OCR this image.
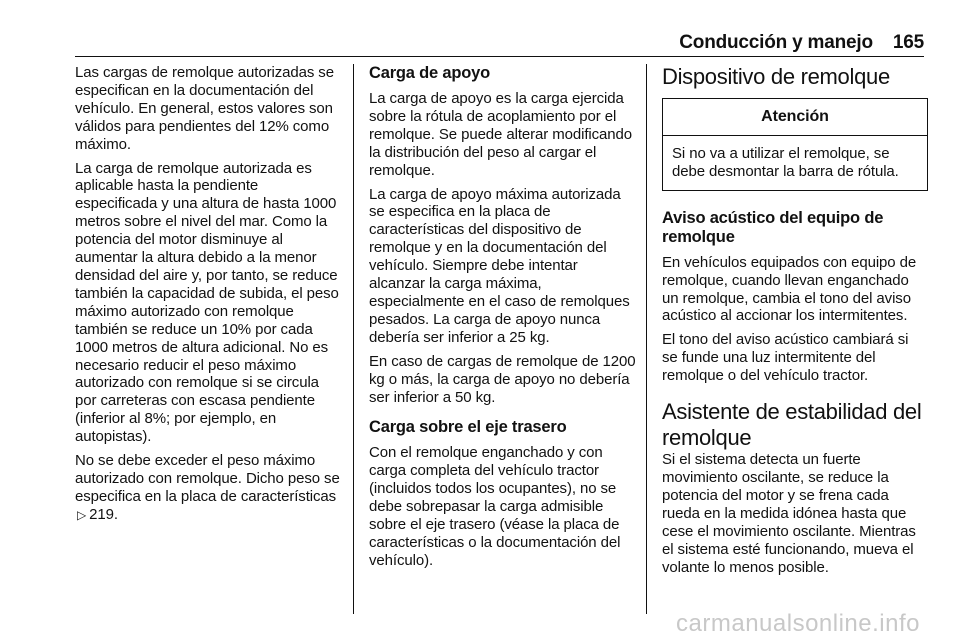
Conducción y manejo 165

Las cargas de remolque autorizadas se especifican en la documentación del vehículo. En general, estos valores son válidos para pendientes del 12% como máximo.

La carga de remolque autorizada es aplicable hasta la pendiente especificada y una altura de hasta 1000 metros sobre el nivel del mar. Como la potencia del motor disminuye al aumentar la altura debido a la menor densidad del aire y, por tanto, se reduce también la capacidad de subida, el peso máximo autorizado con remolque también se reduce un 10% por cada 1000 metros de altura adicional. No es necesario reducir el peso máximo autorizado con remolque si se circula por carreteras con escasa pendiente (inferior al 8%; por ejemplo, en autopistas).

No se debe exceder el peso máximo autorizado con remolque. Dicho peso se especifica en la placa de características▷ 219.

Carga de apoyo

La carga de apoyo es la carga ejercida sobre la rótula de acoplamiento por el remolque. Se puede alterar modificando la distribución del peso al cargar el remolque.

La carga de apoyo máxima autorizada se especifica en la placa de características del dispositivo de remolque y en la documentación del vehículo. Siempre debe intentar alcanzar la carga máxima, especialmente en el caso de remolques pesados. La carga de apoyo nunca debería ser inferior a 25 kg.

En caso de cargas de remolque de 1200 kg o más, la carga de apoyo no debería ser inferior a 50 kg.

Carga sobre el eje trasero

Con el remolque enganchado y con carga completa del vehículo tractor (incluidos todos los ocupantes), no se debe sobrepasar la carga admisible sobre el eje trasero (véase la placa de características o la documentación del vehículo).

Dispositivo de remolque
Atención
Si no va a utilizar el remolque, se debe desmontar la barra de rótula.
Aviso acústico del equipo de remolque

En vehículos equipados con equipo de remolque, cuando llevan enganchado un remolque, cambia el tono del aviso acústico al accionar los intermitentes.

El tono del aviso acústico cambiará si se funde una luz intermitente del remolque o del vehículo tractor.

Asistente de estabilidad del remolque

Si el sistema detecta un fuerte movimiento oscilante, se reduce la potencia del motor y se frena cada rueda en la medida idónea hasta que cese el movimiento oscilante. Mientras el sistema esté funcionando, mueva el volante lo menos posible.

carmanualsonline.info
